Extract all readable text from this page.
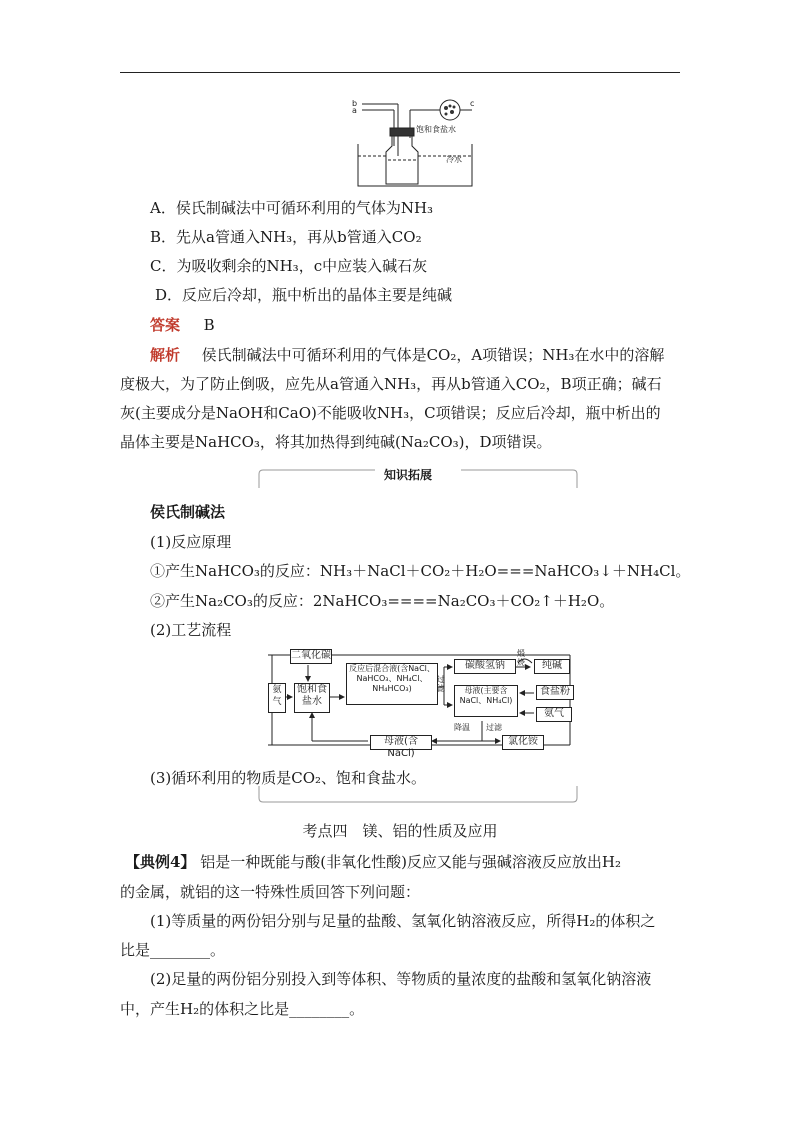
b
a
c
饱和食盐水
冷水
A．侯氏制碱法中可循环利用的气体为NH₃
B．先从a管通入NH₃，再从b管通入CO₂
C．为吸收剩余的NH₃，c中应装入碱石灰
D．反应后冷却，瓶中析出的晶体主要是纯碱
答案 B
解析 侯氏制碱法中可循环利用的气体是CO₂，A项错误；NH₃在水中的溶解
度极大，为了防止倒吸，应先从a管通入NH₃，再从b管通入CO₂，B项正确；碱石
灰(主要成分是NaOH和CaO)不能吸收NH₃，C项错误；反应后冷却，瓶中析出的
晶体主要是NaHCO₃，将其加热得到纯碱(Na₂CO₃)，D项错误。
知识拓展
侯氏制碱法
(1)反应原理
①产生NaHCO₃的反应：NH₃＋NaCl＋CO₂＋H₂O===NaHCO₃↓＋NH₄Cl。
②产生Na₂CO₃的反应：2NaHCO₃====Na₂CO₃＋CO₂↑＋H₂O。
(2)工艺流程
二氧化碳
氨气
饱和食盐水
反应后混合液(含NaCl、NaHCO₃、NH₄Cl、NH₄HCO₃)
碳酸氢钠	纯碱
母液(主要含NaCl、NH₄Cl)
食盐粉
氨气
母液(含NaCl)
氯化铵
过滤
煅烧
降温 过滤
(3)循环利用的物质是CO₂、饱和食盐水。
考点四　镁、铝的性质及应用
【典例4】 铝是一种既能与酸(非氧化性酸)反应又能与强碱溶液反应放出H₂
的金属，就铝的这一特殊性质回答下列问题：
(1)等质量的两份铝分别与足量的盐酸、氢氧化钠溶液反应，所得H₂的体积之
比是________。
(2)足量的两份铝分别投入到等体积、等物质的量浓度的盐酸和氢氧化钠溶液
中，产生H₂的体积之比是________。
